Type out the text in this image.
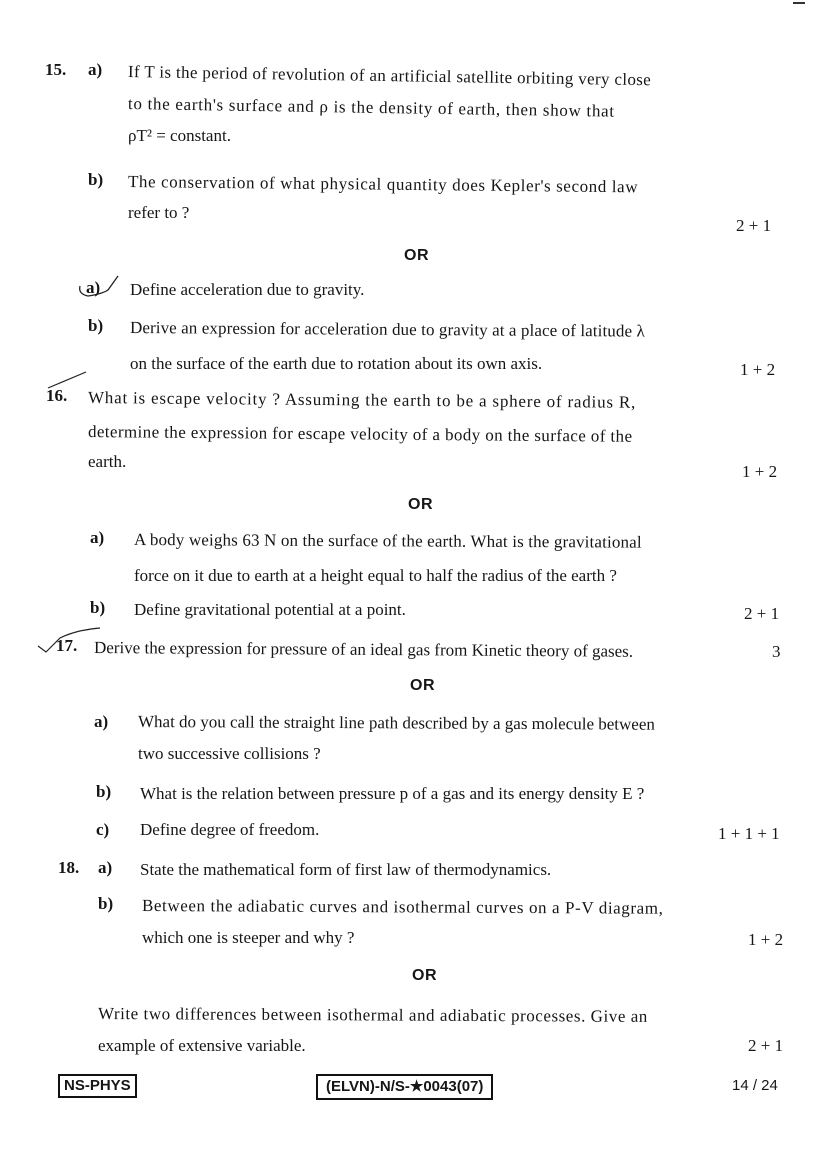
15. a) If T is the period of revolution of an artificial satellite orbiting very close
to the earth's surface and ρ is the density of earth, then show that
ρT² = constant.
b) The conservation of what physical quantity does Kepler's second law
refer to ?
2 + 1
OR
a) Define acceleration due to gravity.
b) Derive an expression for acceleration due to gravity at a place of latitude λ
on the surface of the earth due to rotation about its own axis.	1 + 2
16. What is escape velocity ? Assuming the earth to be a sphere of radius R,
determine the expression for escape velocity of a body on the surface of the
earth.
1 + 2
OR
a) A body weighs 63 N on the surface of the earth. What is the gravitational
force on it due to earth at a height equal to half the radius of the earth ?
b) Define gravitational potential at a point.	2 + 1
17. Derive the expression for pressure of an ideal gas from Kinetic theory of gases.	3
OR
a) What do you call the straight line path described by a gas molecule between
two successive collisions ?
b) What is the relation between pressure p of a gas and its energy density E ?
c) Define degree of freedom.	1 + 1 + 1
18. a) State the mathematical form of first law of thermodynamics.
b) Between the adiabatic curves and isothermal curves on a P-V diagram,
which one is steeper and why ?	1 + 2
OR
Write two differences between isothermal and adiabatic processes. Give an
example of extensive variable.	2 + 1
NS-PHYS	(ELVN)-N/S-★0043(07)	14 / 24
